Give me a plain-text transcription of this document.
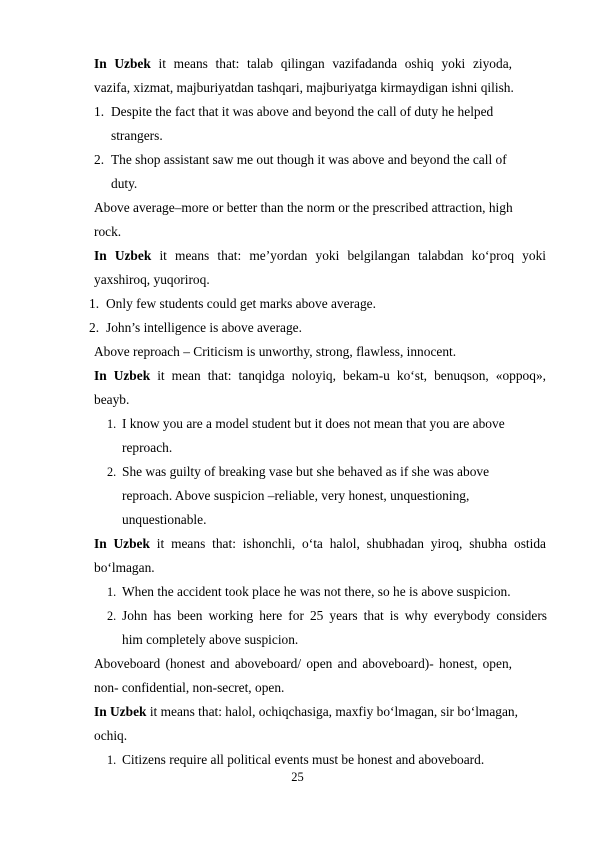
In Uzbek it means that: talab qilingan vazifadanda oshiq yoki ziyoda,

vazifa, xizmat, majburiyatdan tashqari, majburiyatga kirmaydigan ishni qilish.

1. Despite the fact that it was above and beyond the call of duty he helped

strangers.

2. The shop assistant saw me out though it was above and beyond the call of

duty.

Above average–more or better than the norm or the prescribed attraction, high

rock.

In Uzbek it means that: me’yordan yoki belgilangan talabdan ko‘proq yoki

yaxshiroq, yuqoriroq.

1. Only few students could get marks above average.

2. John’s intelligence is above average.

Above reproach – Criticism is unworthy, strong, flawless, innocent.

In Uzbek it mean that: tanqidga noloyiq, bekam-u ko‘st, benuqson, «oppoq»,

beayb.

1. I know you are a model student but it does not mean that you are above

reproach.

2. She was guilty of breaking vase but she behaved as if she was above

reproach. Above suspicion –reliable, very honest, unquestioning,

unquestionable.

In Uzbek it means that: ishonchli, o‘ta halol, shubhadan yiroq, shubha ostida

bo‘lmagan.

1. When the accident took place he was not there, so he is above suspicion.

2. John has been working here for 25 years that is why everybody considers

him completely above suspicion.

Aboveboard (honest and aboveboard/ open and aboveboard)- honest, open,

non- confidential, non-secret, open.

In Uzbek it means that: halol, ochiqchasiga, maxfiy bo‘lmagan, sir bo‘lmagan,

ochiq.

1. Citizens require all political events must be honest and aboveboard.

25
